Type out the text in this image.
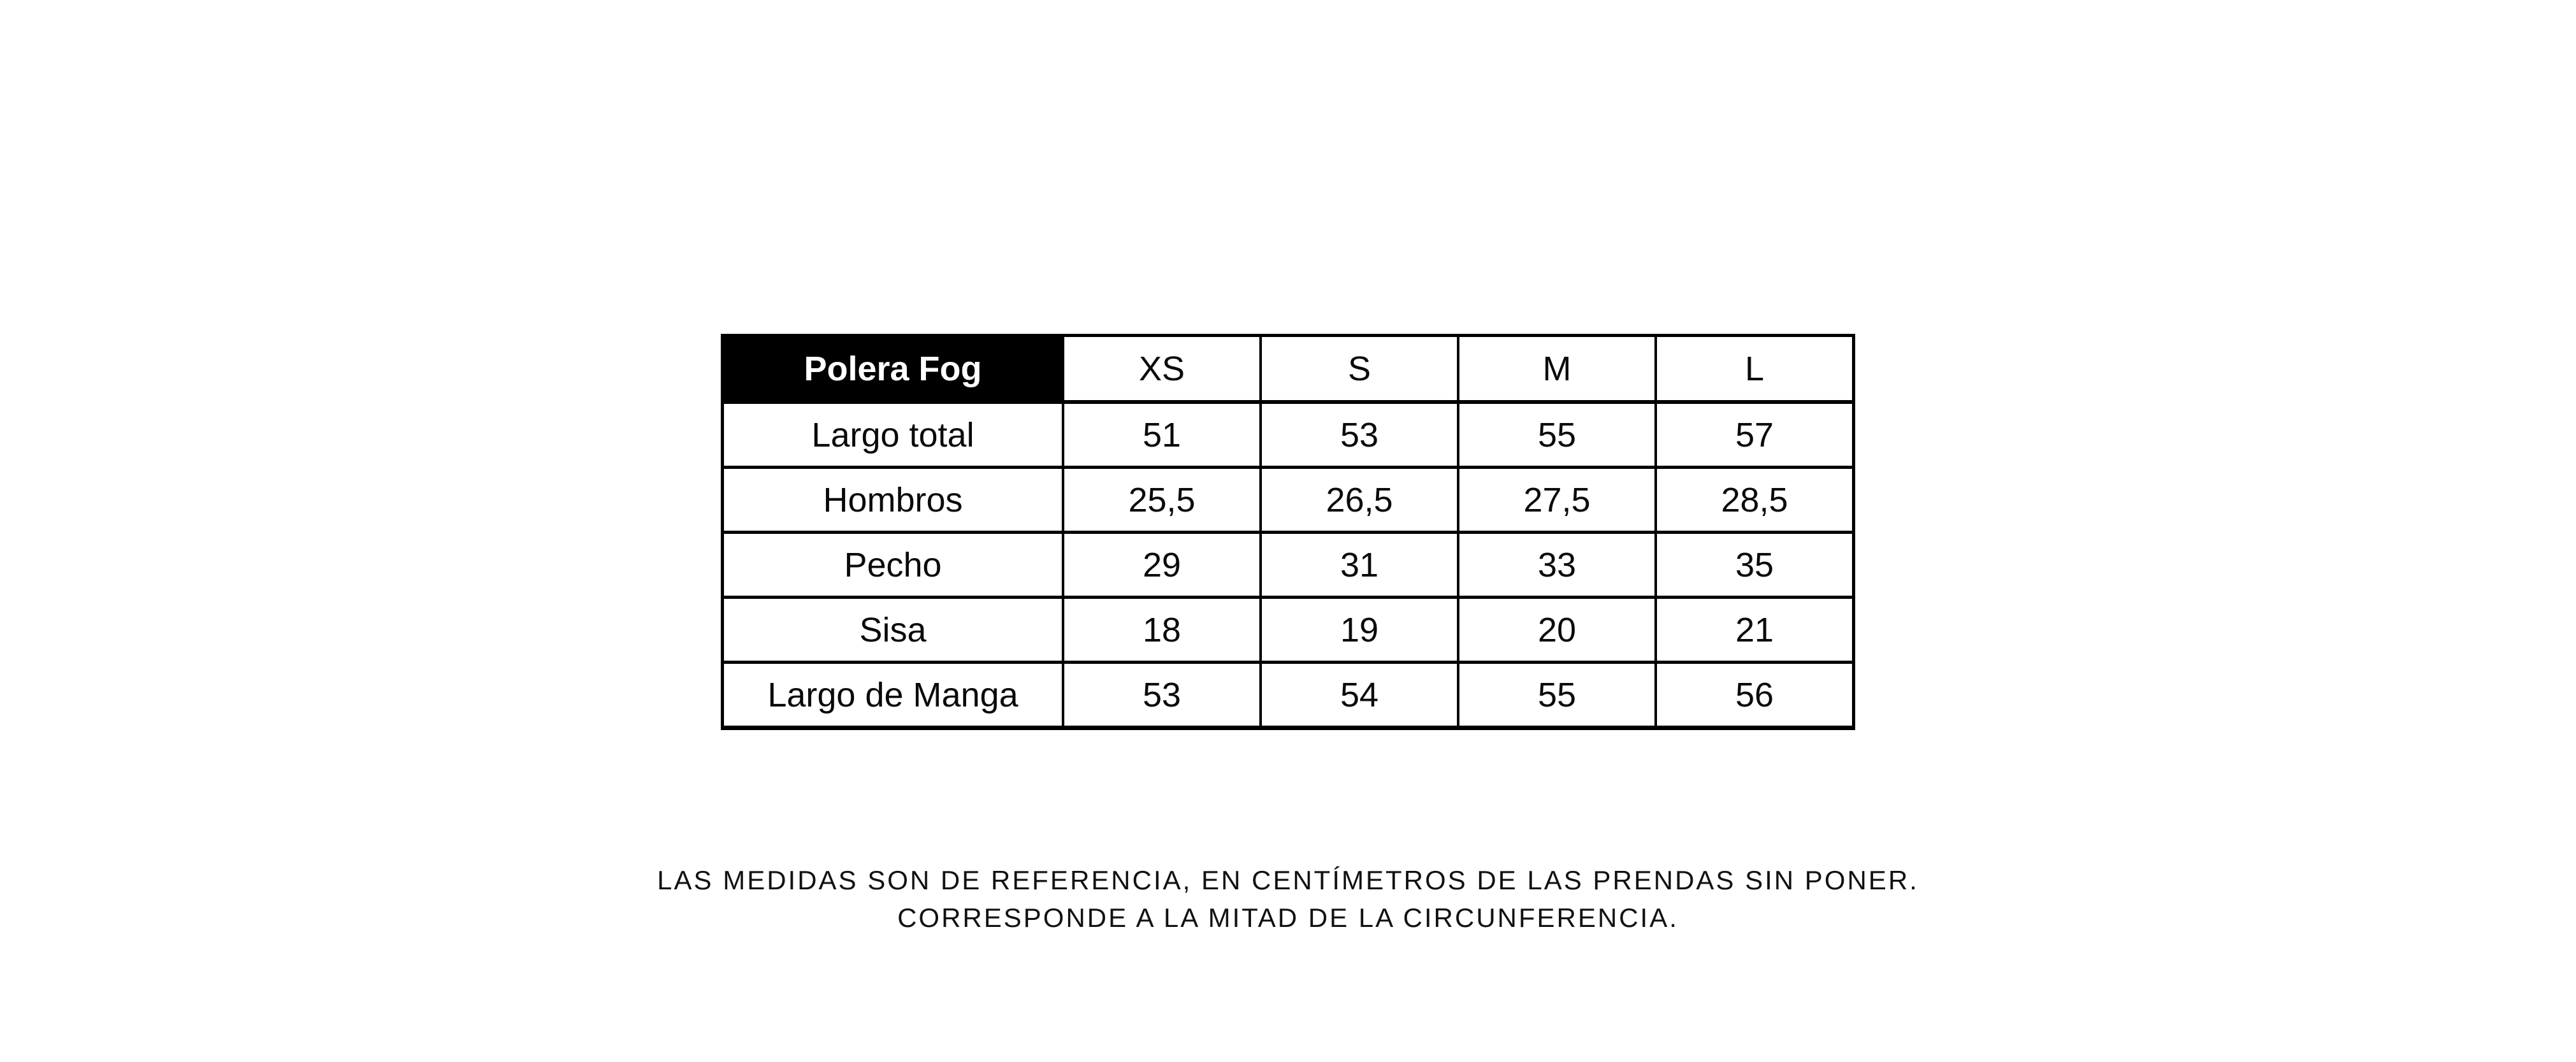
Polera Fog	XS	S	M	L
Largo total	51	53	55	57
Hombros	25,5	26,5	27,5	28,5
Pecho	29	31	33	35
Sisa	18	19	20	21
Largo de Manga	53	54	55	56
LAS MEDIDAS SON DE REFERENCIA, EN CENTÍMETROS DE LAS PRENDAS SIN PONER.
CORRESPONDE A LA MITAD DE LA CIRCUNFERENCIA.
